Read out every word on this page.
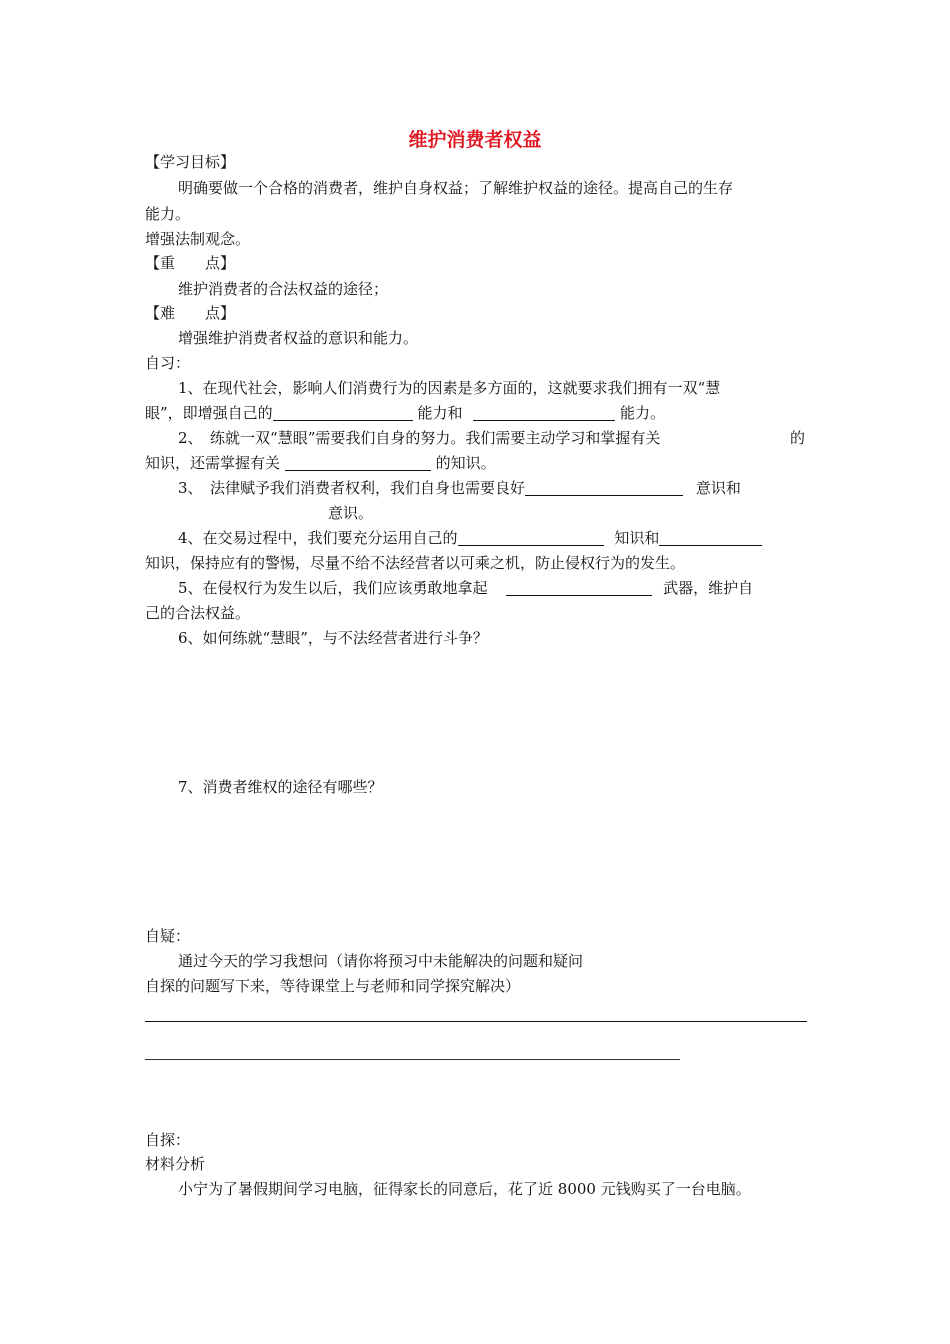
维护消费者权益
【学习目标】
明确要做一个合格的消费者，维护自身权益；了解维护权益的途径。提高自己的生存
能力。
增强法制观念。
【重　　点】
维护消费者的合法权益的途径；
【难　　点】
增强维护消费者权益的意识和能力。
自习：
1、在现代社会，影响人们消费行为的因素是多方面的，这就要求我们拥有一双“慧
眼”，即增强自己的	能力和	能力。
2、　练就一双“慧眼”需要我们自身的努力。我们需要主动学习和掌握有关	的
知识，还需掌握有关	的知识。
3、　法律赋予我们消费者权利，我们自身也需要良好	意识和
意识。
4、在交易过程中，我们要充分运用自己的	知识和
知识，保持应有的警惕，尽量不给不法经营者以可乘之机，防止侵权行为的发生。
5、在侵权行为发生以后，我们应该勇敢地拿起	武器，维护自
己的合法权益。
6、如何练就“慧眼”，与不法经营者进行斗争？
7、消费者维权的途径有哪些？
自疑：
通过今天的学习我想问（请你将预习中未能解决的问题和疑问
自探的问题写下来，等待课堂上与老师和同学探究解决）
自探：
材料分析
小宁为了暑假期间学习电脑，征得家长的同意后，花了近 8000 元钱购买了一台电脑。
